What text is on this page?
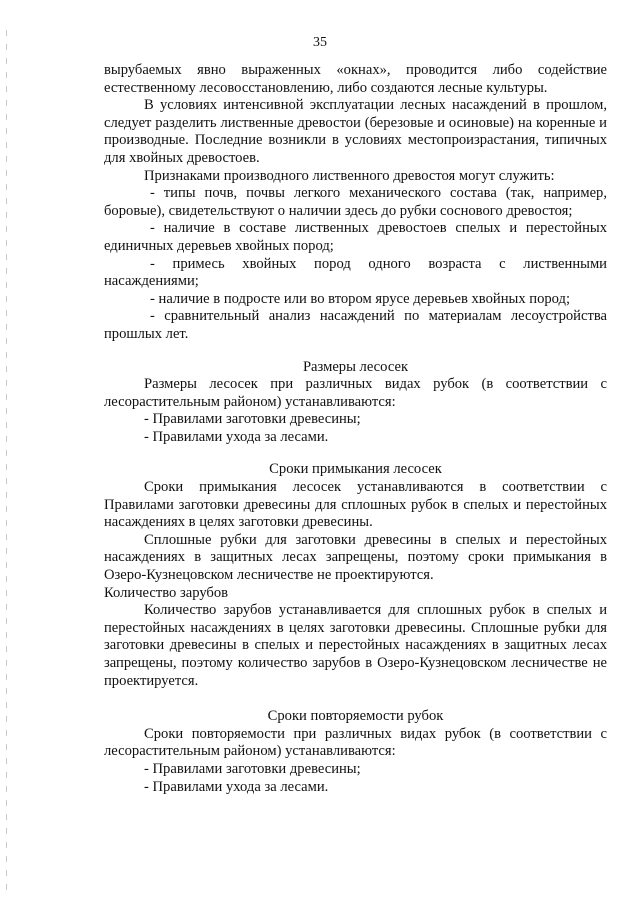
35

вырубаемых явно выраженных «окнах», проводится либо содействие естественному лесовосстановлению, либо создаются лесные культуры.

В условиях интенсивной эксплуатации лесных насаждений в прошлом, следует разделить лиственные древостои (березовые и осиновые) на коренные и производные. Последние возникли в условиях местопроизрастания, типичных для хвойных древостоев.

Признаками производного лиственного древостоя могут служить:

- типы почв, почвы легкого механического состава (так, например, боровые), свидетельствуют о наличии здесь до рубки соснового древостоя;

- наличие в составе лиственных древостоев спелых и перестойных единичных деревьев хвойных пород;

- примесь хвойных пород одного возраста с лиственными насаждениями;

- наличие в подросте или во втором ярусе деревьев хвойных пород;

- сравнительный анализ насаждений по материалам лесоустройства прошлых лет.

Размеры лесосек

Размеры лесосек при различных видах рубок (в соответствии с лесорастительным районом) устанавливаются:

- Правилами заготовки древесины;

- Правилами ухода за лесами.

Сроки примыкания лесосек

Сроки примыкания лесосек устанавливаются в соответствии с Правилами заготовки древесины для сплошных рубок в спелых и перестойных насаждениях в целях заготовки древесины.

Сплошные рубки для заготовки древесины в спелых и перестойных насаждениях в защитных лесах запрещены, поэтому сроки примыкания в Озеро-Кузнецовском лесничестве не проектируются.

Количество зарубов

Количество зарубов устанавливается для сплошных рубок в спелых и перестойных насаждениях в целях заготовки древесины. Сплошные рубки для заготовки древесины в спелых и перестойных насаждениях в защитных лесах запрещены, поэтому количество зарубов в Озеро-Кузнецовском лесничестве не проектируется.

Сроки повторяемости рубок

Сроки повторяемости при различных видах рубок (в соответствии с лесорастительным районом) устанавливаются:

- Правилами заготовки древесины;

- Правилами ухода за лесами.
